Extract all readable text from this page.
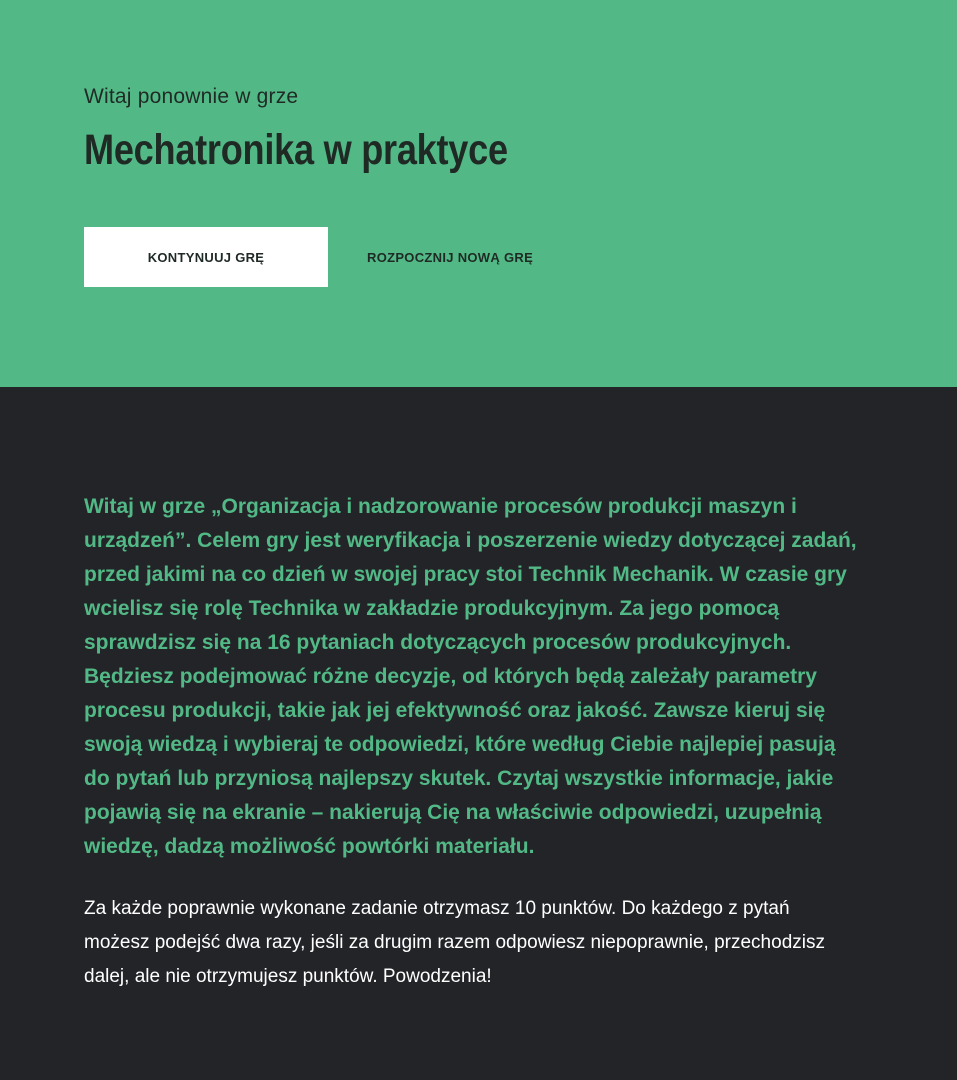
Witaj ponownie w grze

Mechatronika w praktyce
KONTYNUUJ GRĘ	ROZPOCZNIJ NOWĄ GRĘ

Witaj w grze „Organizacja i nadzorowanie procesów produkcji maszyn i urządzeń”. Celem gry jest weryfikacja i poszerzenie wiedzy dotyczącej zadań, przed jakimi na co dzień w swojej pracy stoi Technik Mechanik. W czasie gry wcielisz się rolę Technika w zakładzie produkcyjnym. Za jego pomocą sprawdzisz się na 16 pytaniach dotyczących procesów produkcyjnych. Będziesz podejmować różne decyzje, od których będą zależały parametry procesu produkcji, takie jak jej efektywność oraz jakość. Zawsze kieruj się swoją wiedzą i wybieraj te odpowiedzi, które według Ciebie najlepiej pasują do pytań lub przyniosą najlepszy skutek. Czytaj wszystkie informacje, jakie pojawią się na ekranie – nakierują Cię na właściwie odpowiedzi, uzupełnią wiedzę, dadzą możliwość powtórki materiału.

Za każde poprawnie wykonane zadanie otrzymasz 10 punktów. Do każdego z pytań możesz podejść dwa razy, jeśli za drugim razem odpowiesz niepoprawnie, przechodzisz dalej, ale nie otrzymujesz punktów. Powodzenia!
